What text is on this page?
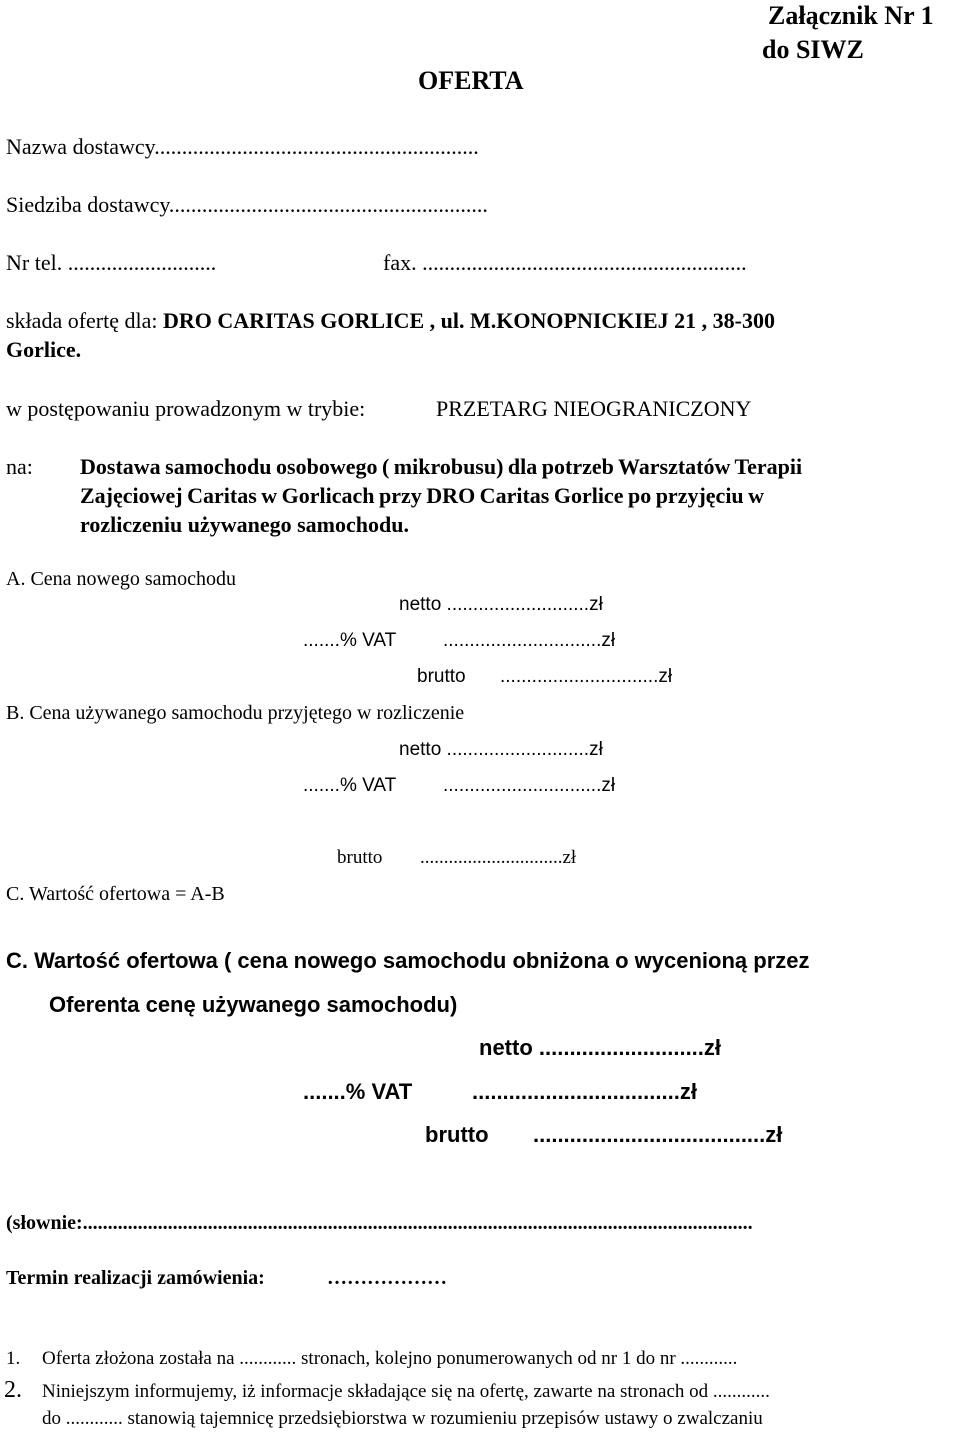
Załącznik Nr 1
do SIWZ
OFERTA
Nazwa dostawcy...........................................................
Siedziba dostawcy..........................................................
Nr tel. ...........................	fax. ...........................................................
składa ofertę dla: DRO CARITAS GORLICE , ul. M.KONOPNICKIEJ 21 , 38-300
Gorlice.
w postępowaniu prowadzonym w trybie:	PRZETARG NIEOGRANICZONY
na: Dostawa samochodu osobowego ( mikrobusu) dla potrzeb Warsztatów Terapii
Zajęciowej Caritas w Gorlicach przy DRO Caritas Gorlice po przyjęciu w
rozliczeniu używanego samochodu.
A. Cena nowego samochodu
netto ...........................zł
.......% VAT ..............................zł
brutto ..............................zł
B. Cena używanego samochodu przyjętego w rozliczenie
netto ...........................zł
.......% VAT ..............................zł
brutto ..............................zł
C. Wartość ofertowa = A-B
C. Wartość ofertowa ( cena nowego samochodu obniżona o wycenioną przez
Oferenta cenę używanego samochodu)
netto ...........................zł
.......% VAT	..................................zł
brutto ......................................zł
(słownie:......................................................................................................................................
Termin realizacji zamówienia:	………………
1. Oferta złożona została na ............ stronach, kolejno ponumerowanych od nr 1 do nr ............
2. Niniejszym informujemy, iż informacje składające się na ofertę, zawarte na stronach od ............
do ............ stanowią tajemnicę przedsiębiorstwa w rozumieniu przepisów ustawy o zwalczaniu
